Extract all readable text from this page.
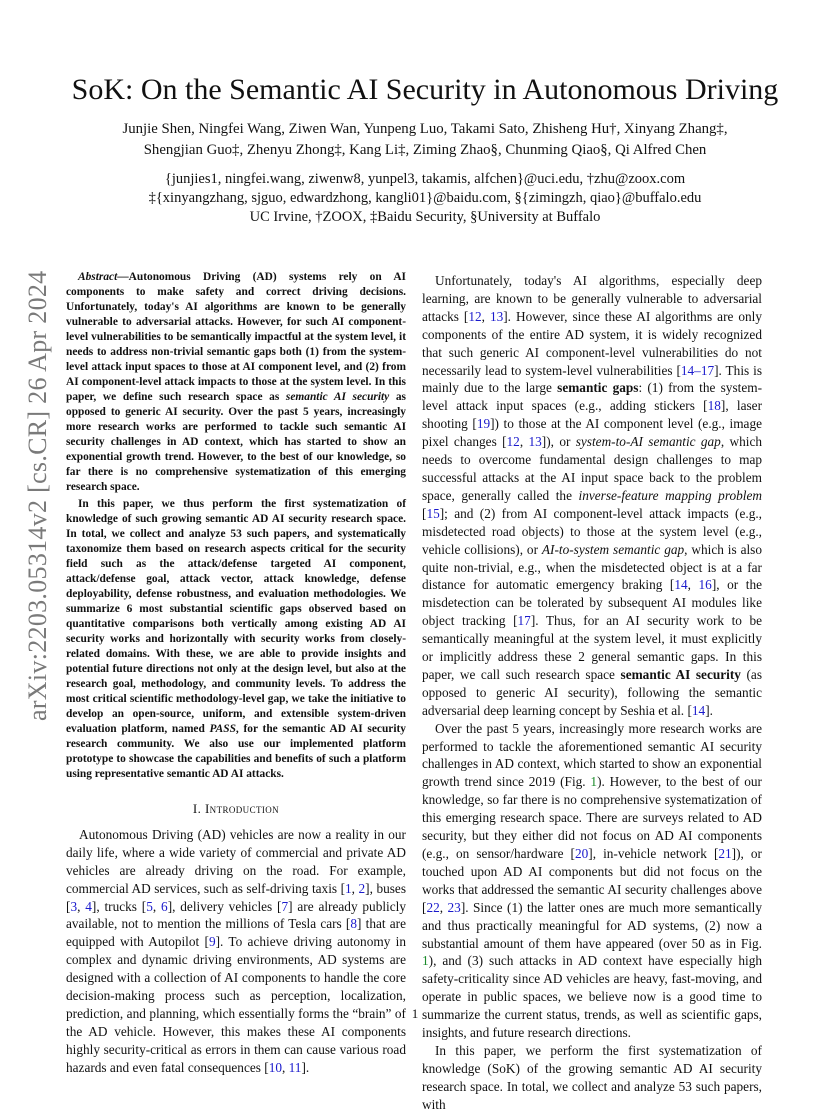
arXiv:2203.05314v2 [cs.CR] 26 Apr 2024
SoK: On the Semantic AI Security in Autonomous Driving
Junjie Shen, Ningfei Wang, Ziwen Wan, Yunpeng Luo, Takami Sato, Zhisheng Hu†, Xinyang Zhang‡,
Shengjian Guo‡, Zhenyu Zhong‡, Kang Li‡, Ziming Zhao§, Chunming Qiao§, Qi Alfred Chen
{junjies1, ningfei.wang, ziwenw8, yunpel3, takamis, alfchen}@uci.edu, †zhu@zoox.com
‡{xinyangzhang, sjguo, edwardzhong, kangli01}@baidu.com, §{zimingzh, qiao}@buffalo.edu
UC Irvine, †ZOOX, ‡Baidu Security, §University at Buffalo

Abstract—Autonomous Driving (AD) systems rely on AI components to make safety and correct driving decisions. Unfortunately, today's AI algorithms are known to be generally vulnerable to adversarial attacks. However, for such AI component-level vulnerabilities to be semantically impactful at the system level, it needs to address non-trivial semantic gaps both (1) from the system-level attack input spaces to those at AI component level, and (2) from AI component-level attack impacts to those at the system level. In this paper, we define such research space as semantic AI security as opposed to generic AI security. Over the past 5 years, increasingly more research works are performed to tackle such semantic AI security challenges in AD context, which has started to show an exponential growth trend. However, to the best of our knowledge, so far there is no comprehensive systematization of this emerging research space.

In this paper, we thus perform the first systematization of knowledge of such growing semantic AD AI security research space. In total, we collect and analyze 53 such papers, and systematically taxonomize them based on research aspects critical for the security field such as the attack/defense targeted AI component, attack/defense goal, attack vector, attack knowledge, defense deployability, defense robustness, and evaluation methodologies. We summarize 6 most substantial scientific gaps observed based on quantitative comparisons both vertically among existing AD AI security works and horizontally with security works from closely-related domains. With these, we are able to provide insights and potential future directions not only at the design level, but also at the research goal, methodology, and community levels. To address the most critical scientific methodology-level gap, we take the initiative to develop an open-source, uniform, and extensible system-driven evaluation platform, named PASS, for the semantic AD AI security research community. We also use our implemented platform prototype to showcase the capabilities and benefits of such a platform using representative semantic AD AI attacks.

I. Introduction

Autonomous Driving (AD) vehicles are now a reality in our daily life, where a wide variety of commercial and private AD vehicles are already driving on the road. For example, commercial AD services, such as self-driving taxis [1, 2], buses [3, 4], trucks [5, 6], delivery vehicles [7] are already publicly available, not to mention the millions of Tesla cars [8] that are equipped with Autopilot [9]. To achieve driving autonomy in complex and dynamic driving environments, AD systems are designed with a collection of AI components to handle the core decision-making process such as perception, localization, prediction, and planning, which essentially forms the “brain” of the AD vehicle. However, this makes these AI components highly security-critical as errors in them can cause various road hazards and even fatal consequences [10, 11].

Unfortunately, today's AI algorithms, especially deep learning, are known to be generally vulnerable to adversarial attacks [12, 13]. However, since these AI algorithms are only components of the entire AD system, it is widely recognized that such generic AI component-level vulnerabilities do not necessarily lead to system-level vulnerabilities [14–17]. This is mainly due to the large semantic gaps: (1) from the system-level attack input spaces (e.g., adding stickers [18], laser shooting [19]) to those at the AI component level (e.g., image pixel changes [12, 13]), or system-to-AI semantic gap, which needs to overcome fundamental design challenges to map successful attacks at the AI input space back to the problem space, generally called the inverse-feature mapping problem [15]; and (2) from AI component-level attack impacts (e.g., misdetected road objects) to those at the system level (e.g., vehicle collisions), or AI-to-system semantic gap, which is also quite non-trivial, e.g., when the misdetected object is at a far distance for automatic emergency braking [14, 16], or the misdetection can be tolerated by subsequent AI modules like object tracking [17]. Thus, for an AI security work to be semantically meaningful at the system level, it must explicitly or implicitly address these 2 general semantic gaps. In this paper, we call such research space semantic AI security (as opposed to generic AI security), following the semantic adversarial deep learning concept by Seshia et al. [14].

Over the past 5 years, increasingly more research works are performed to tackle the aforementioned semantic AI security challenges in AD context, which started to show an exponential growth trend since 2019 (Fig. 1). However, to the best of our knowledge, so far there is no comprehensive systematization of this emerging research space. There are surveys related to AD security, but they either did not focus on AD AI components (e.g., on sensor/hardware [20], in-vehicle network [21]), or touched upon AD AI components but did not focus on the works that addressed the semantic AI security challenges above [22, 23]. Since (1) the latter ones are much more semantically and thus practically meaningful for AD systems, (2) now a substantial amount of them have appeared (over 50 as in Fig. 1), and (3) such attacks in AD context have especially high safety-criticality since AD vehicles are heavy, fast-moving, and operate in public spaces, we believe now is a good time to summarize the current status, trends, as well as scientific gaps, insights, and future research directions.

In this paper, we perform the first systematization of knowledge (SoK) of the growing semantic AD AI security research space. In total, we collect and analyze 53 such papers, with

1
